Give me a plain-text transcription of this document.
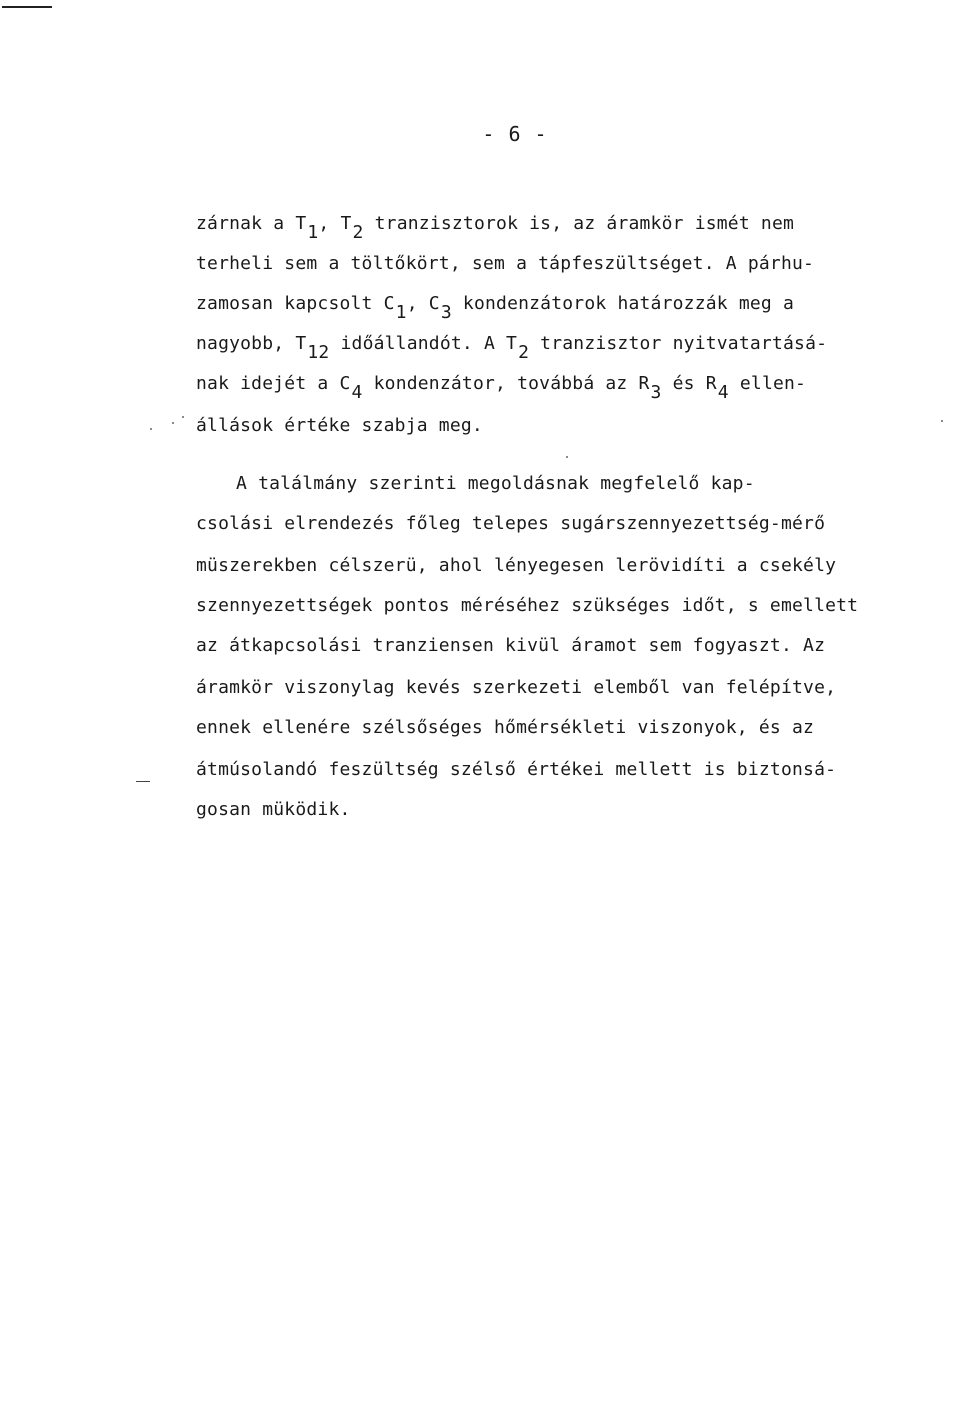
- 6 -
zárnak a $T_1$, $T_2$ tranzisztorok is, az áramkör ismét nem
terheli sem a töltőkört, sem a tápfeszültséget. A párhu-
zamosan kapcsolt $C_1$, $C_3$ kondenzátorok határozzák meg a
nagyobb, $T_{12}$ időállandót. A $T_2$ tranzisztor nyitvatartásá-
nak idejét a $C_4$ kondenzátor, továbbá az $R_3$ és $R_4$ ellen-
állások értéke szabja meg.
A találmány szerinti megoldásnak megfelelő kap-
csolási elrendezés főleg telepes sugárszennyezettség-mérő
müszerekben célszerü, ahol lényegesen lerövidíti a csekély
szennyezettségek pontos méréséhez szükséges időt, s emellett
az átkapcsolási tranziensen kivül áramot sem fogyaszt. Az
áramkör viszonylag kevés szerkezeti elemből van felépítve,
ennek ellenére szélsőséges hőmérsékleti viszonyok, és az
átmúsolandó feszültség szélső értékei mellett is biztonsá-
gosan müködik.
